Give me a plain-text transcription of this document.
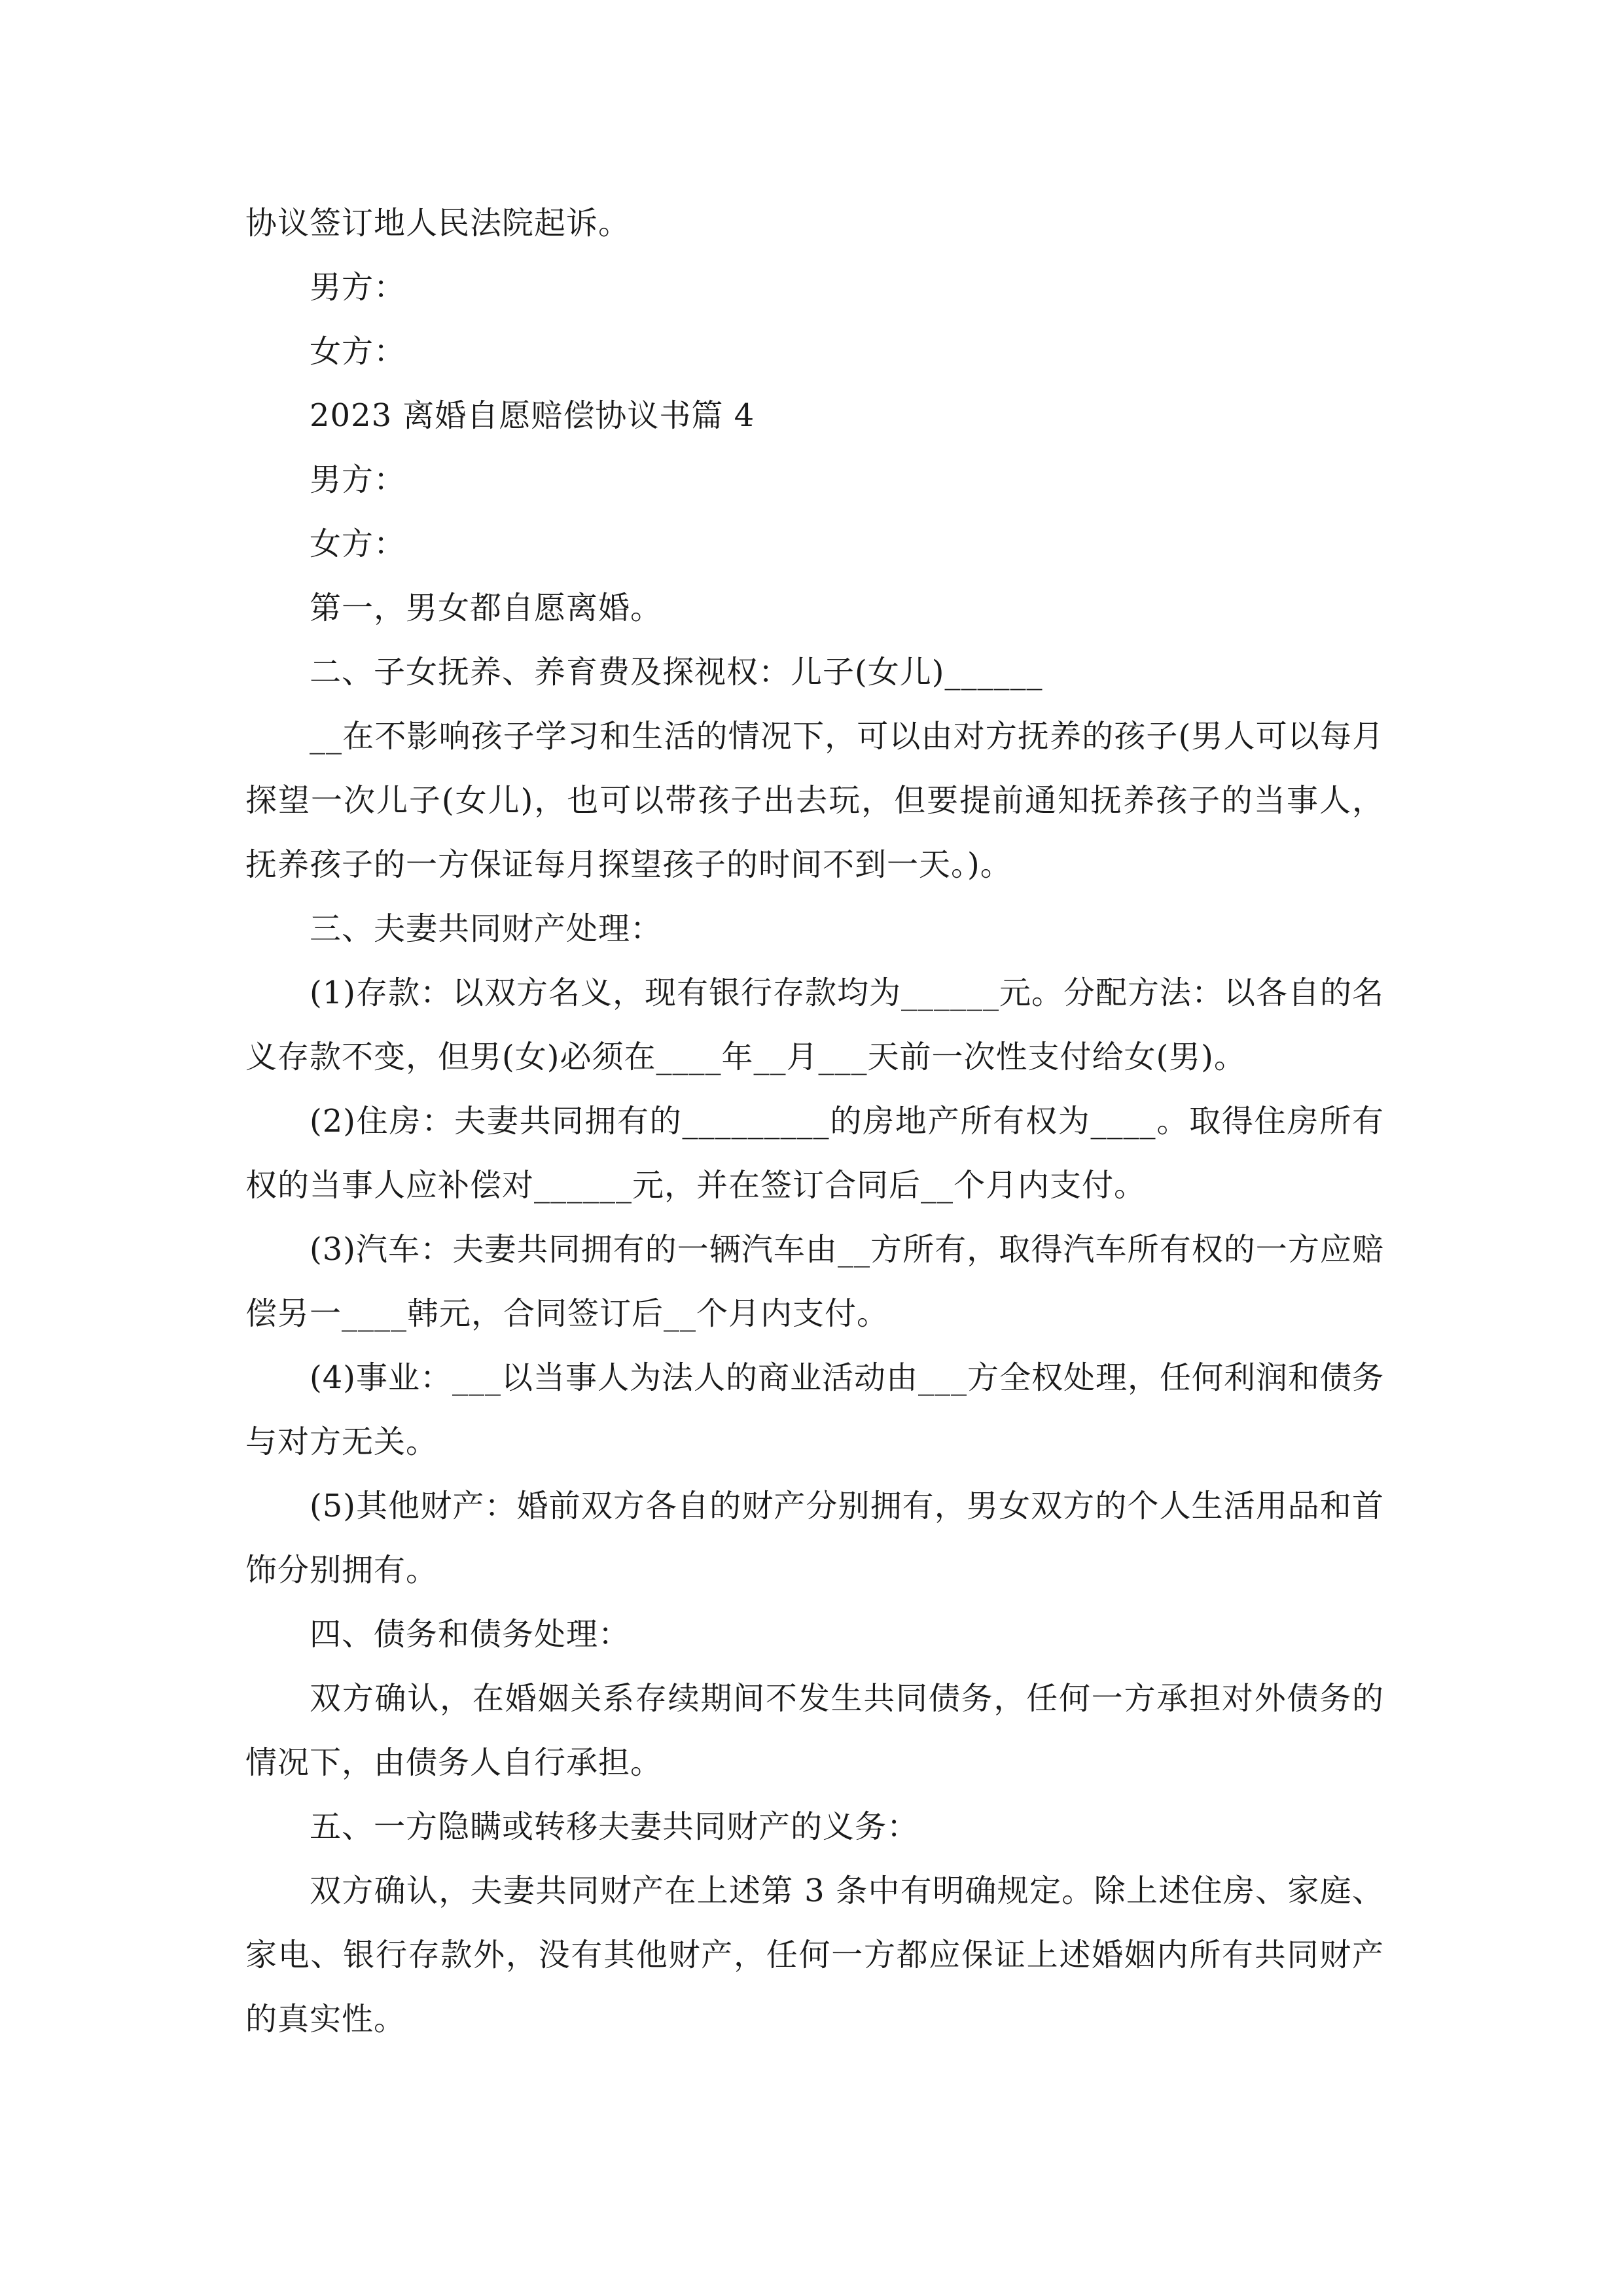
协议签订地人民法院起诉。
男方：
女方：
2023 离婚自愿赔偿协议书篇 4
男方：
女方：
第一，男女都自愿离婚。
二、子女抚养、养育费及探视权：儿子(女儿)______
__在不影响孩子学习和生活的情况下，可以由对方抚养的孩子(男人可以每月探望一次儿子(女儿)，也可以带孩子出去玩，但要提前通知抚养孩子的当事人，抚养孩子的一方保证每月探望孩子的时间不到一天。)。
三、夫妻共同财产处理：
(1)存款：以双方名义，现有银行存款均为______元。分配方法：以各自的名义存款不变，但男(女)必须在____年__月___天前一次性支付给女(男)。
(2)住房：夫妻共同拥有的_________的房地产所有权为____。取得住房所有权的当事人应补偿对______元，并在签订合同后__个月内支付。
(3)汽车：夫妻共同拥有的一辆汽车由__方所有，取得汽车所有权的一方应赔偿另一____韩元，合同签订后__个月内支付。
(4)事业：___以当事人为法人的商业活动由___方全权处理，任何利润和债务与对方无关。
(5)其他财产：婚前双方各自的财产分别拥有，男女双方的个人生活用品和首饰分别拥有。
四、债务和债务处理：
双方确认，在婚姻关系存续期间不发生共同债务，任何一方承担对外债务的情况下，由债务人自行承担。
五、一方隐瞒或转移夫妻共同财产的义务：
双方确认，夫妻共同财产在上述第 3 条中有明确规定。除上述住房、家庭、家电、银行存款外，没有其他财产，任何一方都应保证上述婚姻内所有共同财产的真实性。
